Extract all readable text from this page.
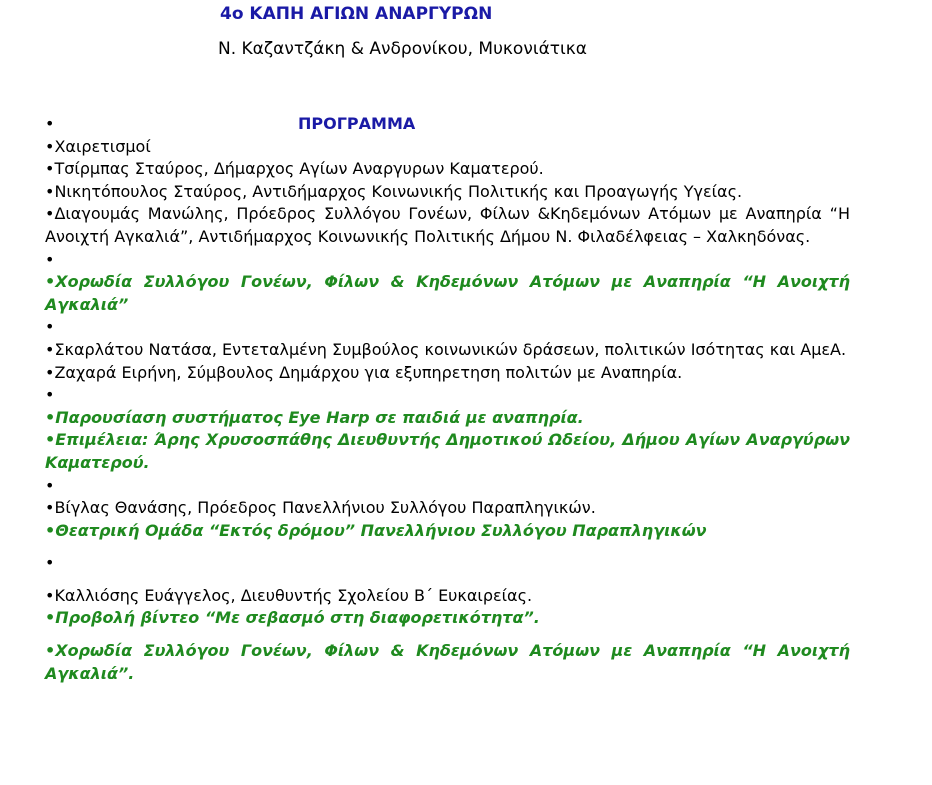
4ο ΚΑΠΗ ΑΓΙΩΝ ΑΝΑΡΓΥΡΩΝ
Ν. Καζαντζάκη & Ανδρονίκου, Μυκονιάτικα
•	ΠΡΟΓΡΑΜΜΑ
•Χαιρετισμοί
•Τσίρμπας Σταύρος, Δήμαρχος Αγίων Αναργυρων Καματερού.
•Νικητόπουλος Σταύρος, Αντιδήμαρχος Κοινωνικής Πολιτικής και Προαγωγής Υγείας.
•Διαγουμάς Μανώλης, Πρόεδρος Συλλόγου Γονέων, Φίλων &Κηδεμόνων Ατόμων με Αναπηρία “Η Ανοιχτή Αγκαλιά”, Αντιδήμαρχος Κοινωνικής Πολιτικής Δήμου Ν. Φιλαδέλφειας – Χαλκηδόνας.
•
•Χορωδία Συλλόγου Γονέων, Φίλων & Κηδεμόνων Ατόμων με Αναπηρία “Η Ανοιχτή Αγκαλιά”
•
•Σκαρλάτου Νατάσα, Εντεταλμένη Συμβούλος κοινωνικών δράσεων, πολιτικών Ισότητας και ΑμεΑ.
•Ζαχαρά Ειρήνη, Σύμβουλος Δημάρχου για εξυπηρετηση πολιτών με Αναπηρία.
•
•Παρουσίαση συστήματος Eye Harp σε παιδιά με αναπηρία.
•Επιμέλεια: Άρης Χρυσοσπάθης Διευθυντής Δημοτικού Ωδείου, Δήμου Αγίων Αναργύρων Καματερού.
•
•Βίγλας Θανάσης, Πρόεδρος Πανελλήνιου Συλλόγου Παραπληγικών.
•Θεατρική Ομάδα “Εκτός δρόμου” Πανελλήνιου Συλλόγου Παραπληγικών
•
•Καλλιόσης Ευάγγελος, Διευθυντής Σχολείου Β΄ Ευκαιρείας.
•Προβολή βίντεο “Με σεβασμό στη διαφορετικότητα”.
•Χορωδία Συλλόγου Γονέων, Φίλων & Κηδεμόνων Ατόμων με Αναπηρία “Η Ανοιχτή Αγκαλιά”.
